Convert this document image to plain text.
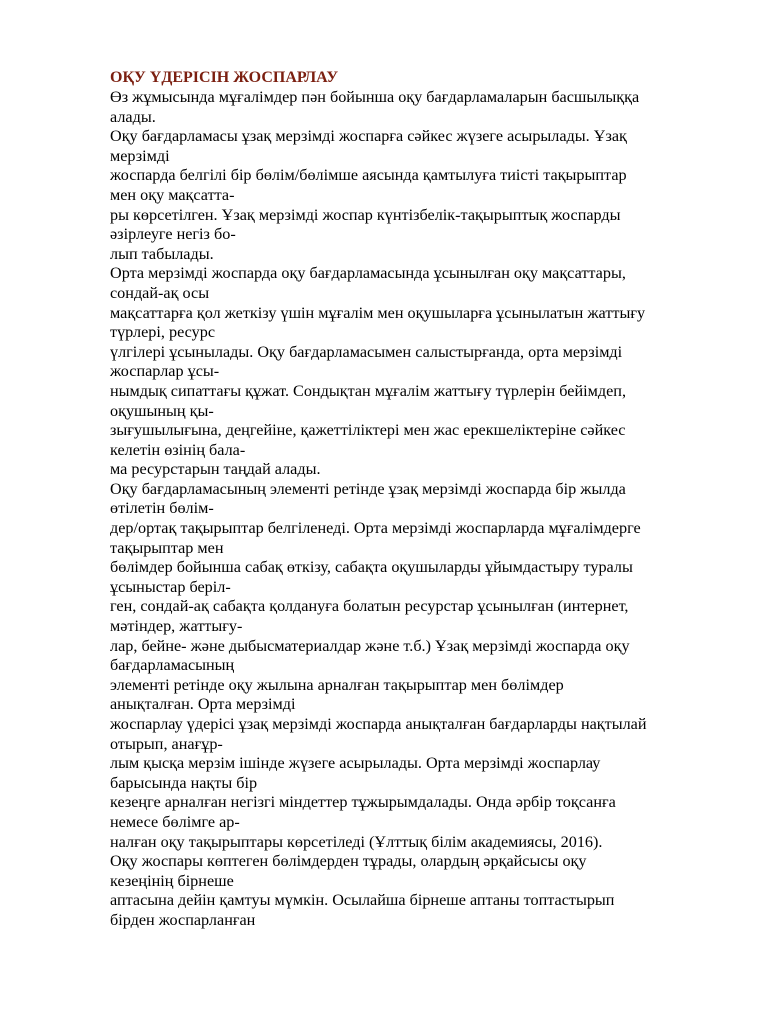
ОҚУ ҮДЕРІСІН ЖОСПАРЛАУ
Өз жұмысында мұғалімдер пән бойынша оқу бағдарламаларын басшылыққа
алады.
Оқу бағдарламасы ұзақ мерзімді жоспарға сәйкес жүзеге асырылады. Ұзақ
мерзімді
жоспарда белгілі бір бөлім/бөлімше аясында қамтылуға тиісті тақырыптар
мен оқу мақсатта-
ры көрсетілген. Ұзақ мерзімді жоспар күнтізбелік-тақырыптық жоспарды
әзірлеуге негіз бо-
лып табылады.
Орта мерзімді жоспарда оқу бағдарламасында ұсынылған оқу мақсаттары,
сондай-ақ осы
мақсаттарға қол жеткізу үшін мұғалім мен оқушыларға ұсынылатын жаттығу
түрлері, ресурс
үлгілері ұсынылады. Оқу бағдарламасымен салыстырғанда, орта мерзімді
жоспарлар ұсы-
нымдық сипаттағы құжат. Сондықтан мұғалім жаттығу түрлерін бейімдеп,
оқушының қы-
зығушылығына, деңгейіне, қажеттіліктері мен жас ерекшеліктеріне сәйкес
келетін өзінің бала-
ма ресурстарын таңдай алады.
Оқу бағдарламасының элементі ретінде ұзақ мерзімді жоспарда бір жылда
өтілетін бөлім-
дер/ортақ тақырыптар белгіленеді. Орта мерзімді жоспарларда мұғалімдерге
тақырыптар мен
бөлімдер бойынша сабақ өткізу, сабақта оқушыларды ұйымдастыру туралы
ұсыныстар беріл-
ген, сондай-ақ сабақта қолдануға болатын ресурстар ұсынылған (интернет,
мәтіндер, жаттығу-
лар, бейне- және дыбысматериалдар және т.б.) Ұзақ мерзімді жоспарда оқу
бағдарламасының
элементі ретінде оқу жылына арналған тақырыптар мен бөлімдер
анықталған. Орта мерзімді
жоспарлау үдерісі ұзақ мерзімді жоспарда анықталған бағдарларды нақтылай
отырып, анағұр-
лым қысқа мерзім ішінде жүзеге асырылады. Орта мерзімді жоспарлау
барысында нақты бір
кезеңге арналған негізгі міндеттер тұжырымдалады. Онда әрбір тоқсанға
немесе бөлімге ар-
налған оқу тақырыптары көрсетіледі (Ұлттық білім академиясы, 2016).
Оқу жоспары көптеген бөлімдерден тұрады, олардың әрқайсысы оқу
кезеңінің бірнеше
аптасына дейін қамтуы мүмкін. Осылайша бірнеше аптаны топтастырып
бірден жоспарланған
